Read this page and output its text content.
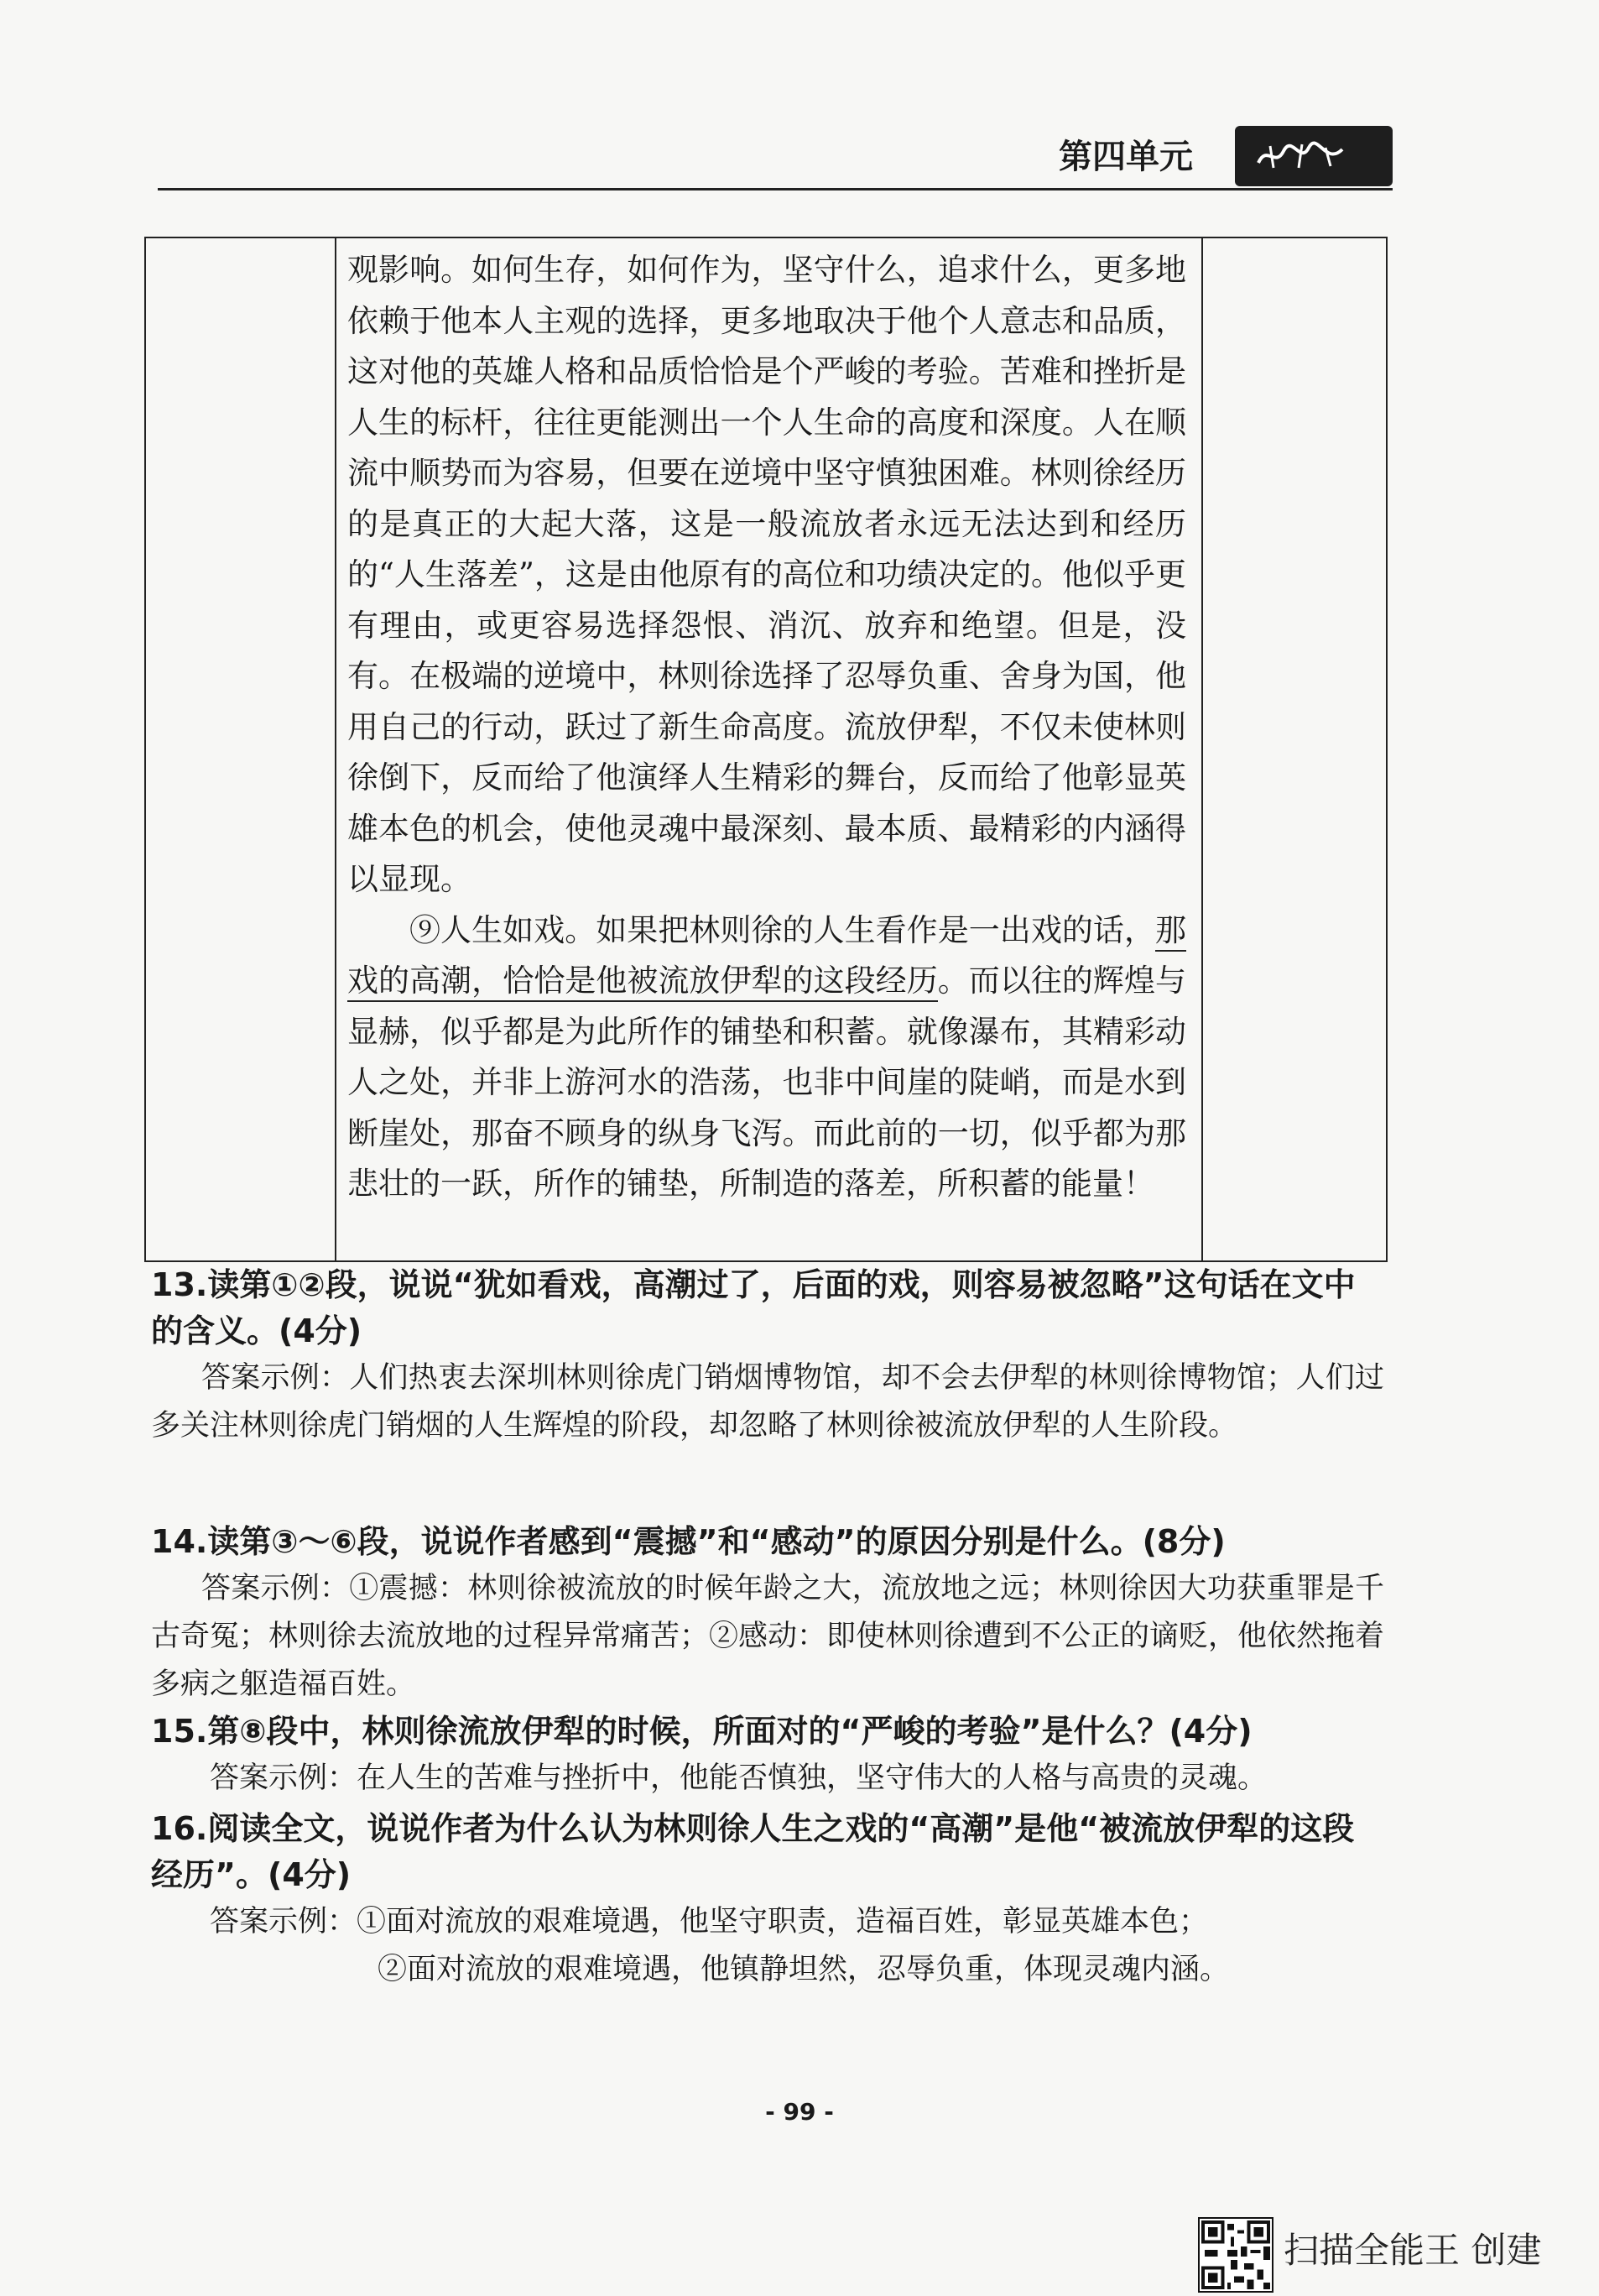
第四单元

观影响。如何生存，如何作为，坚守什么，追求什么，更多地依赖于他本人主观的选择，更多地取决于他个人意志和品质，这对他的英雄人格和品质恰恰是个严峻的考验。苦难和挫折是人生的标杆，往往更能测出一个人生命的高度和深度。人在顺流中顺势而为容易，但要在逆境中坚守慎独困难。林则徐经历的是真正的大起大落，这是一般流放者永远无法达到和经历的“人生落差”，这是由他原有的高位和功绩决定的。他似乎更有理由，或更容易选择怨恨、消沉、放弃和绝望。但是，没有。在极端的逆境中，林则徐选择了忍辱负重、舍身为国，他用自己的行动，跃过了新生命高度。流放伊犁，不仅未使林则徐倒下，反而给了他演绎人生精彩的舞台，反而给了他彰显英雄本色的机会，使他灵魂中最深刻、最本质、最精彩的内涵得以显现。

⑨人生如戏。如果把林则徐的人生看作是一出戏的话，那戏的高潮，恰恰是他被流放伊犁的这段经历。而以往的辉煌与显赫，似乎都是为此所作的铺垫和积蓄。就像瀑布，其精彩动人之处，并非上游河水的浩荡，也非中间崖的陡峭，而是水到断崖处，那奋不顾身的纵身飞泻。而此前的一切，似乎都为那悲壮的一跃，所作的铺垫，所制造的落差，所积蓄的能量！

13.读第①②段，说说“犹如看戏，高潮过了，后面的戏，则容易被忽略”这句话在文中的含义。(4分)

答案示例：人们热衷去深圳林则徐虎门销烟博物馆，却不会去伊犁的林则徐博物馆；人们过多关注林则徐虎门销烟的人生辉煌的阶段，却忽略了林则徐被流放伊犁的人生阶段。

14.读第③～⑥段，说说作者感到“震撼”和“感动”的原因分别是什么。(8分)

答案示例：①震撼：林则徐被流放的时候年龄之大，流放地之远；林则徐因大功获重罪是千古奇冤；林则徐去流放地的过程异常痛苦；②感动：即使林则徐遭到不公正的谪贬，他依然拖着多病之躯造福百姓。

15.第⑧段中，林则徐流放伊犁的时候，所面对的“严峻的考验”是什么？(4分)

答案示例：在人生的苦难与挫折中，他能否慎独，坚守伟大的人格与高贵的灵魂。

16.阅读全文，说说作者为什么认为林则徐人生之戏的“高潮”是他“被流放伊犁的这段经历”。(4分)

答案示例：①面对流放的艰难境遇，他坚守职责，造福百姓，彰显英雄本色；

②面对流放的艰难境遇，他镇静坦然，忍辱负重，体现灵魂内涵。

- 99 -
扫描全能王 创建
